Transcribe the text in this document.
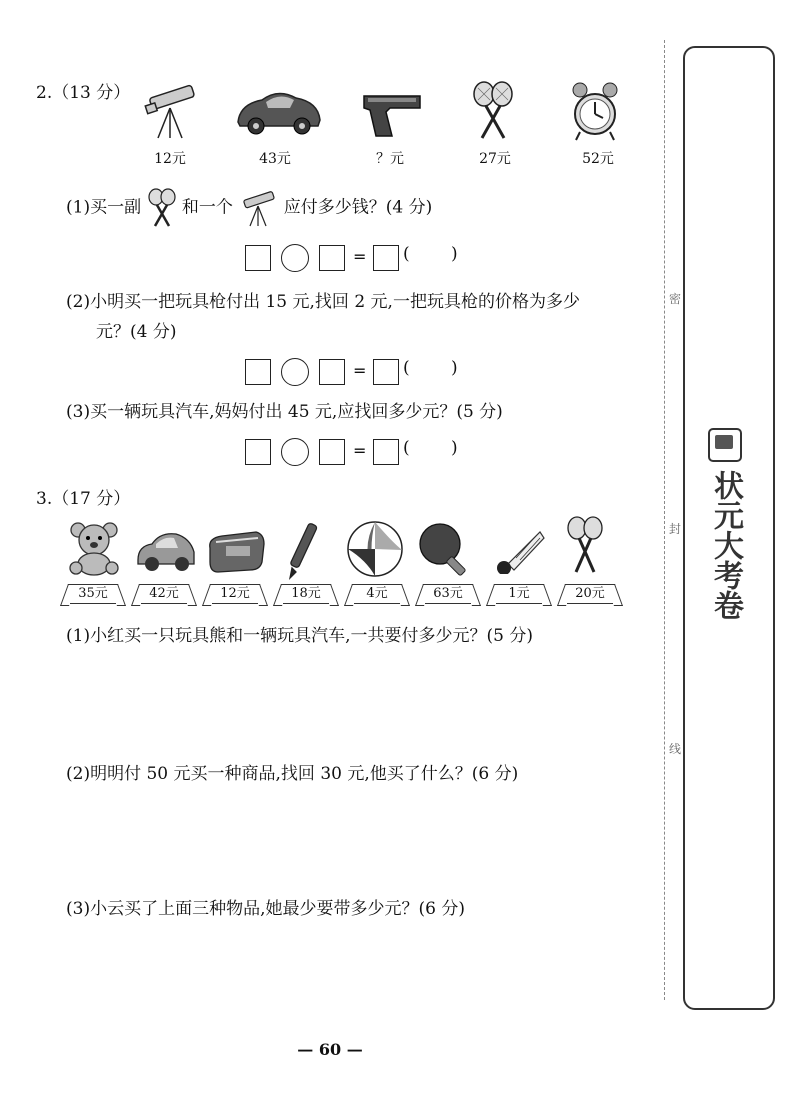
2.（13 分）
12元	43元	？元	27元	52元
(1)买一副 和一个	应付多少钱？(4 分)
= ( )
(2)小明买一把玩具枪付出 15 元,找回 2 元,一把玩具枪的价格为多少
元？(4 分)
= ( )
(3)买一辆玩具汽车,妈妈付出 45 元,应找回多少元？(5 分)
= ( )
3.（17 分）
35元	42元	12元	18元	4元	63元	1元	20元
(1)小红买一只玩具熊和一辆玩具汽车,一共要付多少元？(5 分)
(2)明明付 50 元买一种商品,找回 30 元,他买了什么？(6 分)
(3)小云买了上面三种物品,她最少要带多少元？(6 分)
密
封
线
状元大考卷
— 60 —
